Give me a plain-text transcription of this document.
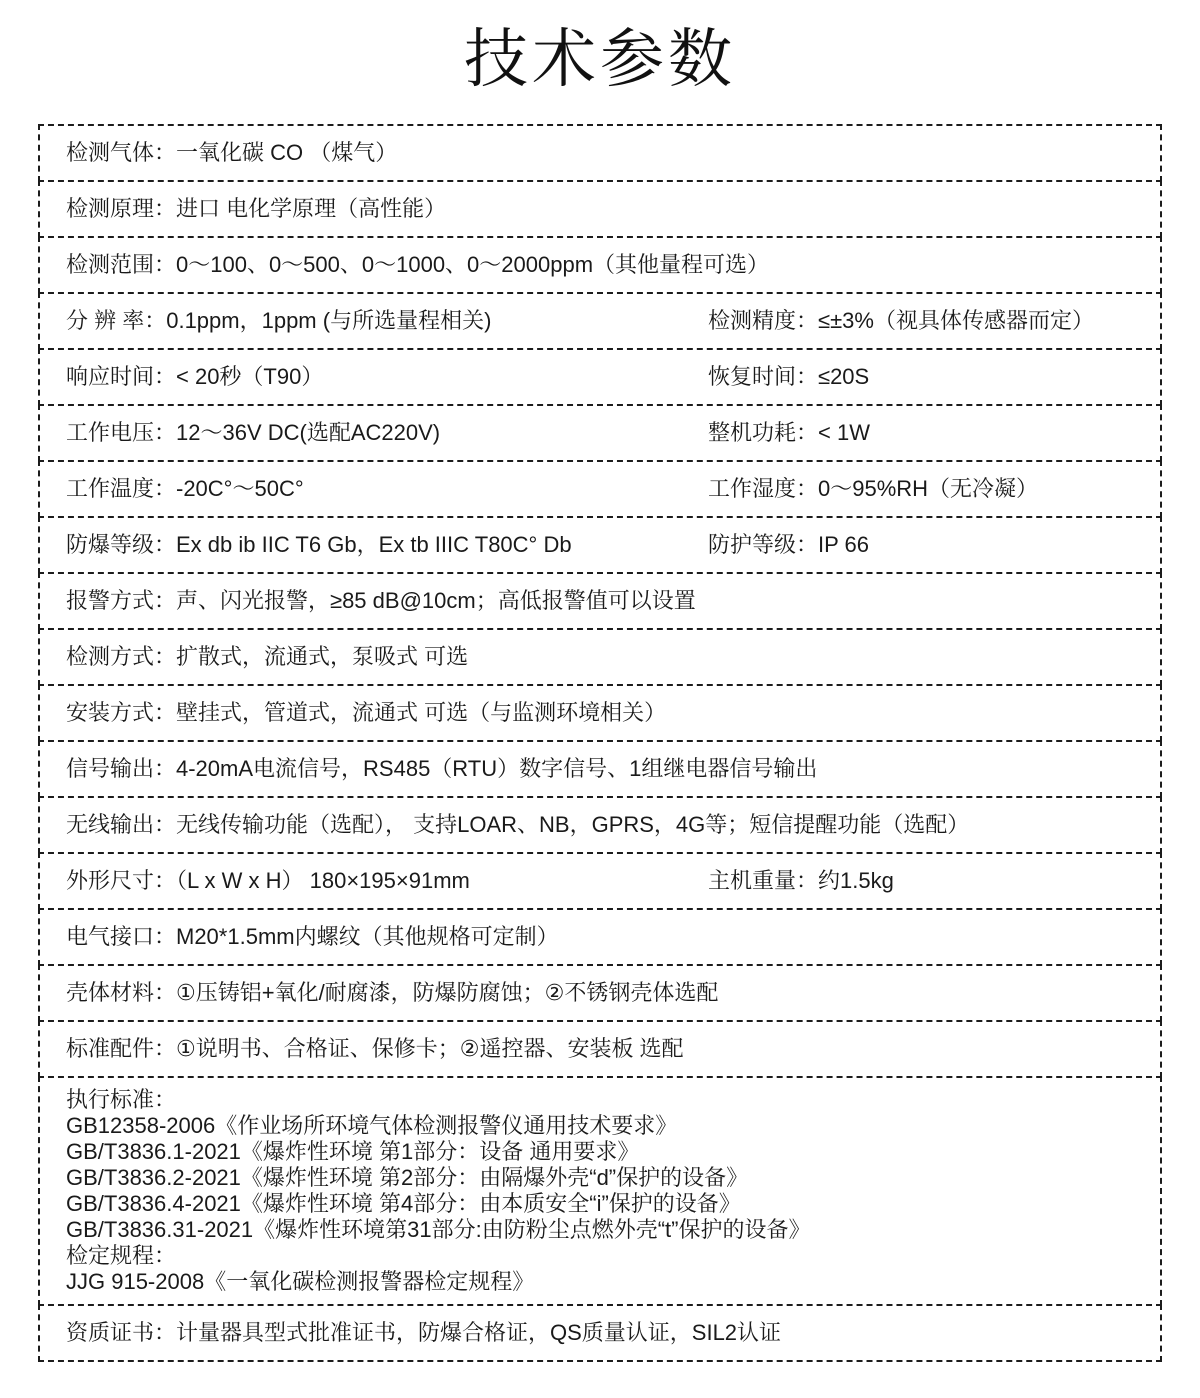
技术参数
检测气体：一氧化碳 CO （煤气）
检测原理：进口 电化学原理（高性能）
检测范围：0～100、0～500、0～1000、0～2000ppm（其他量程可选）
分 辨 率：0.1ppm，1ppm (与所选量程相关)	检测精度：≤±3%（视具体传感器而定）
响应时间：< 20秒（T90）	恢复时间：≤20S
工作电压：12～36V DC(选配AC220V)	整机功耗：< 1W
工作温度：-20C°～50C°	工作湿度：0～95%RH（无冷凝）
防爆等级：Ex db ib IIC T6 Gb，Ex tb IIIC T80C° Db	防护等级：IP 66
报警方式：声、闪光报警，≥85 dB@10cm；高低报警值可以设置
检测方式：扩散式，流通式，泵吸式 可选
安装方式：壁挂式，管道式，流通式 可选（与监测环境相关）
信号输出：4-20mA电流信号，RS485（RTU）数字信号、1组继电器信号输出
无线输出：无线传输功能（选配）， 支持LOAR、NB，GPRS，4G等；短信提醒功能（选配）
外形尺寸：（L x W x H） 180×195×91mm	主机重量：约1.5kg
电气接口：M20*1.5mm内螺纹（其他规格可定制）
壳体材料：①压铸铝+氧化/耐腐漆，防爆防腐蚀；②不锈钢壳体选配
标准配件：①说明书、合格证、保修卡；②遥控器、安装板 选配
执行标准：
GB12358-2006《作业场所环境气体检测报警仪通用技术要求》
GB/T3836.1-2021《爆炸性环境 第1部分：设备 通用要求》
GB/T3836.2-2021《爆炸性环境 第2部分：由隔爆外壳“d”保护的设备》
GB/T3836.4-2021《爆炸性环境 第4部分：由本质安全“i”保护的设备》
GB/T3836.31-2021《爆炸性环境第31部分:由防粉尘点燃外壳“t”保护的设备》
检定规程：
JJG 915-2008《一氧化碳检测报警器检定规程》
资质证书：计量器具型式批准证书，防爆合格证，QS质量认证，SIL2认证
